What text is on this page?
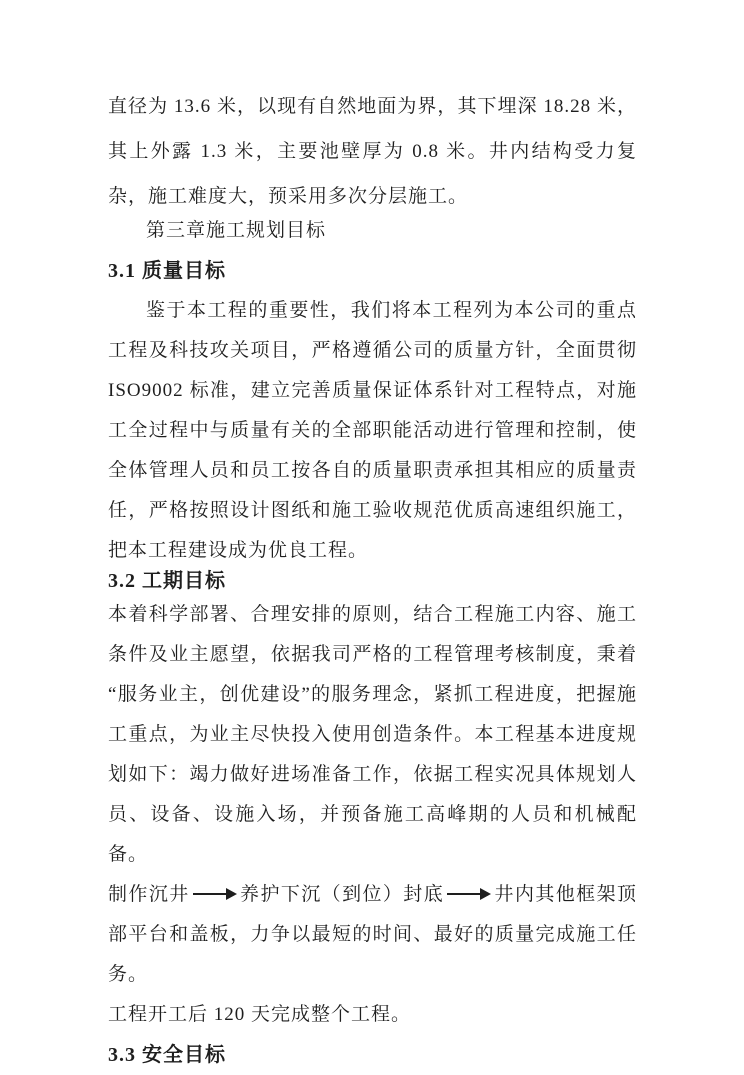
直径为 13.6 米，以现有自然地面为界，其下埋深 18.28 米，其上外露 1.3 米，主要池壁厚为 0.8 米。井内结构受力复杂，施工难度大，预采用多次分层施工。

第三章施工规划目标

3.1 质量目标

鉴于本工程的重要性，我们将本工程列为本公司的重点工程及科技攻关项目，严格遵循公司的质量方针，全面贯彻 ISO9002 标准，建立完善质量保证体系针对工程特点，对施工全过程中与质量有关的全部职能活动进行管理和控制，使全体管理人员和员工按各自的质量职责承担其相应的质量责任，严格按照设计图纸和施工验收规范优质高速组织施工，把本工程建设成为优良工程。

3.2 工期目标

本着科学部署、合理安排的原则，结合工程施工内容、施工条件及业主愿望，依据我司严格的工程管理考核制度，秉着“服务业主，创优建设”的服务理念，紧抓工程进度，把握施工重点，为业主尽快投入使用创造条件。本工程基本进度规划如下：竭力做好进场准备工作，依据工程实况具体规划人员、设备、设施入场，并预备施工高峰期的人员和机械配备。

制作沉井	养护下沉（到位）封底	井内其他框架顶部平台和盖板，力争以最短的时间、最好的质量完成施工任务。

工程开工后 120 天完成整个工程。

3.3 安全目标
